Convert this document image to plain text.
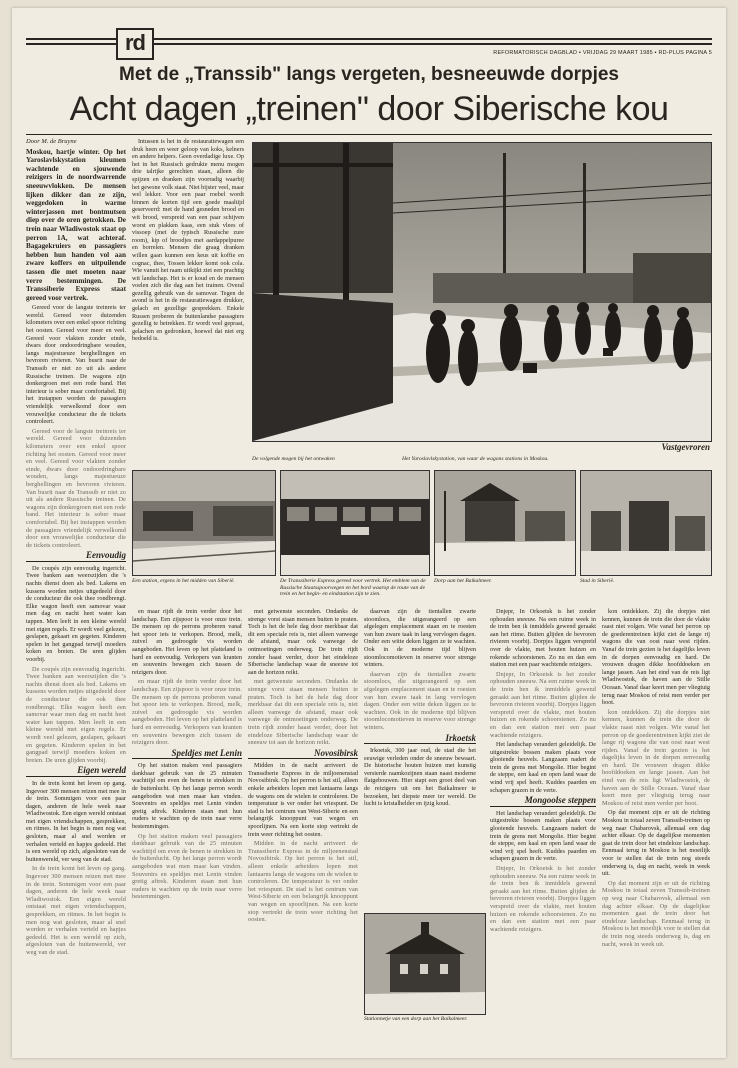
rd	REFORMATORISCH DAGBLAD ▪ VRIJDAG 29 MAART 1985 ▪ RD-PLUS PAGINA 5
Met de „Transsib" langs vergeten, besneeuwde dorpjes
Acht dagen „treinen" door Siberische kou
Door M. de Bruyne

Moskou, hartje winter. Op het Yaroslavlskystation kleumen wachtende en sjouwende reizigers in de noordwarrende sneeuwvlokken. De mensen lijken dikker dan ze zijn, weggedoken in warme winterjassen met bontmutsen diep over de oren getrokken. De trein naar Wladiwostok staat op perron 1A, wat achteraf. Bagagekruiers en passagiers hebben hun handen vol aan zware koffers en uitpuilende tassen die met moeten naar verre bestemmingen. De Transsiberie Express staat gereed voor vertrek.

Gereed voor de langste treinreis ter wereld. Gereed voor duizenden kilometers over een enkel spoor richting het oosten. Gereed voor meer en veel. Gereed voor vlakten zonder einde, dwars door ondoordringbare wouden, langs majestueuze berghellingen en bevroren rivieren. Van busrit naar de Transsib er niet zo uit als andere Russische treinen. De wagons zijn donkergroen met een rode band. Het interieur is sober maar comfortabel. Bij het instappen worden de passagiers vriendelijk verwelkomd door een vrouwelijke conducteur die de tickets controleert.

Gereed voor de langste treinreis ter wereld. Gereed voor duizenden kilometers over een enkel spoor richting het oosten. Gereed voor meer en veel. Gereed voor vlakten zonder einde, dwars door ondoordringbare wouden, langs majestueuze berghellingen en bevroren rivieren. Van busrit naar de Transsib er niet zo uit als andere Russische treinen. De wagons zijn donkergroen met een rode band. Het interieur is sober maar comfortabel. Bij het instappen worden de passagiers vriendelijk verwelkomd door een vrouwelijke conducteur die de tickets controleert.

Eenvoudig

De coupés zijn eenvoudig ingericht. Twee banken aan weerszijden die 's nachts dienst doen als bed. Lakens en kussens worden netjes uitgedeeld door de conducteur die ook thee rondbrengt. Elke wagon heeft een samovar waar men dag en nacht heet water kan tappen. Men leeft in een kleine wereld met eigen regels. Er wordt veel gelezen, geslapen, gekaart en gegeten. Kinderen spelen in het gangpad terwijl moeders koken en breien. De uren glijden voorbij.

De coupés zijn eenvoudig ingericht. Twee banken aan weerszijden die 's nachts dienst doen als bed. Lakens en kussens worden netjes uitgedeeld door de conducteur die ook thee rondbrengt. Elke wagon heeft een samovar waar men dag en nacht heet water kan tappen. Men leeft in een kleine wereld met eigen regels. Er wordt veel gelezen, geslapen, gekaart en gegeten. Kinderen spelen in het gangpad terwijl moeders koken en breien. De uren glijden voorbij.

Eigen wereld

In de trein komt het leven op gang. Ingevoer 300 mensen reizen met mee in de trein. Sommigen voor een paar dagen, anderen de hele week naar Wladiwostok. Een eigen wereld ontstaat met eigen vriendschappen, gesprekken, en ritmes. In het begin is men nog wat gesloten, maar al snel worden er verhalen verteld en hapjes gedeeld. Het is een wereld op zich, afgesloten van de buitenwereld, ver weg van de stad.

In de trein komt het leven op gang. Ingevoer 300 mensen reizen met mee in de trein. Sommigen voor een paar dagen, anderen de hele week naar Wladiwostok. Een eigen wereld ontstaat met eigen vriendschappen, gesprekken, en ritmes. In het begin is men nog wat gesloten, maar al snel worden er verhalen verteld en hapjes gedeeld. Het is een wereld op zich, afgesloten van de buitenwereld, ver weg van de stad.

Intussen is het in de restauratiewagen een druk heen en weer geloop van koks, kelners en andere helpers. Geen overdadige luxe. Op het in het Russisch gedrukte menu mogen drie talrijke gerechten staan, alleen die spijzen en dranken zijn voorradig waarbij het gewone volk staat. Niet bijster veel, maar wel lekker. Voor een paar roebel wordt binnen de korten tijd een goede maaltijd geserveerd: met de hand gesneden brood en wit brood, verspreid van een paar schijven worst en plakken kaas, een stuk vlees of vissoep (met de typisch Russische zure room), kip of broodjes met aardappelpuree en borrelen. Mensen die graag dranken willen gaan kunnen een keus uit koffie en cognac, thee, Tossen lekker komt ook cola. Wie vanuit het raam uitkijkt ziet een prachtig wit landschap. Het is er koud en de mensen voelen zich die dag aan het trainen. Overal gezellig gebruik van de samovar. Tegen de avond is het in de restauratiewagen drukker, gelach en gezellige gesprekken. Enkele Russen proberen de buitenlandse passagiers gezellig te betrekken. Er wordt veel gepraat, gelachen en gedronken, hoewel dat niet erg bedoeld is.

Vastgevroren
De volgende mogen bij het ontwaken	Het Yaroslavlskystation, van waar de wagons stations in Moskou.
Een station, ergens in het midden van Siberië.	De Transsiberie Express gereed voor vertrek. Het emblem van de Russische Staatsspoorwegen en het bord waarop de route van de trein en het begin- en eindstation zijn te zien.
Dorp aan het Baikalmeer.	Stad in Siberië.

en maar rijdt de trein verder door het landschap. Een zijspoor is voor onze trein. De mensen op de perrons proberen vanaf het spoor iets te verkopen. Brood, melk, zuivel en gedroogde vis worden aangeboden. Het leven op het platteland is hard en eenvoudig. Verkopers van kranten en souvenirs bewegen zich tussen de reizigers door.

en maar rijdt de trein verder door het landschap. Een zijspoor is voor onze trein. De mensen op de perrons proberen vanaf het spoor iets te verkopen. Brood, melk, zuivel en gedroogde vis worden aangeboden. Het leven op het platteland is hard en eenvoudig. Verkopers van kranten en souvenirs bewegen zich tussen de reizigers door.

Speldjes met Lenin

Op het station maken veel passagiers dankbaar gebruik van de 25 minuten wachttijd om even de benen te strekken in de buitenlucht. Op het lange perron wordt aangeboden wat men maar kan vinden. Souvenirs en speldjes met Lenin vinden gretig aftrek. Kinderen staan met hun ouders te wachten op de trein naar verre bestemmingen.

Op het station maken veel passagiers dankbaar gebruik van de 25 minuten wachttijd om even de benen te strekken in de buitenlucht. Op het lange perron wordt aangeboden wat men maar kan vinden. Souvenirs en speldjes met Lenin vinden gretig aftrek. Kinderen staan met hun ouders te wachten op de trein naar verre bestemmingen.

met getwenste seconden. Ondanks de strenge vorst staan mensen buiten te praten. Toch is het de hele dag door merkbaar dat dit een speciale reis is, niet alleen vanwege de afstand, maar ook vanwege de ontmoetingen onderweg. De trein rijdt zonder haast verder, door het eindeloze Siberische landschap waar de sneeuw tot aan de horizon reikt.

met getwenste seconden. Ondanks de strenge vorst staan mensen buiten te praten. Toch is het de hele dag door merkbaar dat dit een speciale reis is, niet alleen vanwege de afstand, maar ook vanwege de ontmoetingen onderweg. De trein rijdt zonder haast verder, door het eindeloze Siberische landschap waar de sneeuw tot aan de horizon reikt.

Novosibirsk

Midden in de nacht arriveert de Transsiberie Express in de miljoenenstad Novosibirsk. Op het perron is het stil, alleen enkele arbeiders lopen met lantaarns langs de wagons om de wielen te controleren. De temperatuur is ver onder het vriespunt. De stad is het centrum van West-Siberie en een belangrijk knooppunt van wegen en spoorlijnen. Na een korte stop vertrekt de trein weer richting het oosten.

Midden in de nacht arriveert de Transsiberie Express in de miljoenenstad Novosibirsk. Op het perron is het stil, alleen enkele arbeiders lopen met lantaarns langs de wagons om de wielen te controleren. De temperatuur is ver onder het vriespunt. De stad is het centrum van West-Siberie en een belangrijk knooppunt van wegen en spoorlijnen. Na een korte stop vertrekt de trein weer richting het oosten.

daarvan zijn de tientallen zwarte stoomlocs, die uitgerangeerd op een afgelegen emplacement staan en te roesten van hun zware taak in lang vervlogen dagen. Onder een witte deken liggen ze te wachten. Ook in de moderne tijd blijven stoomlocomotieven in reserve voor strenge winters.

daarvan zijn de tientallen zwarte stoomlocs, die uitgerangeerd op een afgelegen emplacement staan en te roesten van hun zware taak in lang vervlogen dagen. Onder een witte deken liggen ze te wachten. Ook in de moderne tijd blijven stoomlocomotieven in reserve voor strenge winters.

Irkoetsk

Irkoetsk, 300 jaar oud, de stad die het eeuwige verleden onder de sneeuw bewaart. De historische houten huizen met kunstig versierde raamkozijnen staan naast moderne flatgebouwen. Hier stapt een groot deel van de reizigers uit om het Baikalmeer te bezoeken, het diepste meer ter wereld. De lucht is kristalhelder en ijzig koud.

Stationnetje van een dorp aan het Baikalmeer.

Dnjepr, In Orkoetsk is het zonder ophouden sneeuw. Na een ruime week in de trein ben ik inmiddels gewend geraakt aan het ritme. Buiten glijden de bevroren rivieren voorbij. Dorpjes liggen verspreid over de vlakte, met houten huizen en rokende schoorstenen. Zo nu en dan een station met een paar wachtende reizigers.

Dnjepr, In Orkoetsk is het zonder ophouden sneeuw. Na een ruime week in de trein ben ik inmiddels gewend geraakt aan het ritme. Buiten glijden de bevroren rivieren voorbij. Dorpjes liggen verspreid over de vlakte, met houten huizen en rokende schoorstenen. Zo nu en dan een station met een paar wachtende reizigers.

Het landschap verandert geleidelijk. De uitgestrekte bossen maken plaats voor glooiende heuvels. Langzaam nadert de trein de grens met Mongolie. Hier begint de steppe, een kaal en open land waar de wind vrij spel heeft. Kuddes paarden en schapen grazen in de verte.

Mongoolse steppen

Het landschap verandert geleidelijk. De uitgestrekte bossen maken plaats voor glooiende heuvels. Langzaam nadert de trein de grens met Mongolie. Hier begint de steppe, een kaal en open land waar de wind vrij spel heeft. Kuddes paarden en schapen grazen in de verte.

Dnjepr, In Orkoetsk is het zonder ophouden sneeuw. Na een ruime week in de trein ben ik inmiddels gewend geraakt aan het ritme. Buiten glijden de bevroren rivieren voorbij. Dorpjes liggen verspreid over de vlakte, met houten huizen en rokende schoorstenen. Zo nu en dan een station met een paar wachtende reizigers.

kon ontdekken. Zij die dorpjes niet kennen, kunnen de trein die door de vlakte raast niet volgen. Wie vanaf het perron op de goederentreinen kijkt ziet de lange rij wagons die van oost naar west rijden. Vanaf de trein gezien is het dagelijks leven in de dorpen eenvoudig en hard. De vrouwen dragen dikke hoofddoeken en lange jassen. Aan het eind van de reis ligt Wladiwostok, de haven aan de Stille Oceaan. Vanaf daar keert men per vliegtuig terug naar Moskou of reist men verder per boot.

kon ontdekken. Zij die dorpjes niet kennen, kunnen de trein die door de vlakte raast niet volgen. Wie vanaf het perron op de goederentreinen kijkt ziet de lange rij wagons die van oost naar west rijden. Vanaf de trein gezien is het dagelijks leven in de dorpen eenvoudig en hard. De vrouwen dragen dikke hoofddoeken en lange jassen. Aan het eind van de reis ligt Wladiwostok, de haven aan de Stille Oceaan. Vanaf daar keert men per vliegtuig terug naar Moskou of reist men verder per boot.

Op dat moment zijn er uit de richting Moskou in totaal zeven Transsib-treinen op weg naar Chabarovsk, allemaal een dag achter elkaar. Op de dagelijkse momenten gaat de trein door het eindeloze landschap. Eenmaal terug in Moskou is het moeilijk voor te stellen dat de trein nog steeds onderweg is, dag en nacht, week in week uit.

Op dat moment zijn er uit de richting Moskou in totaal zeven Transsib-treinen op weg naar Chabarovsk, allemaal een dag achter elkaar. Op de dagelijkse momenten gaat de trein door het eindeloze landschap. Eenmaal terug in Moskou is het moeilijk voor te stellen dat de trein nog steeds onderweg is, dag en nacht, week in week uit.
